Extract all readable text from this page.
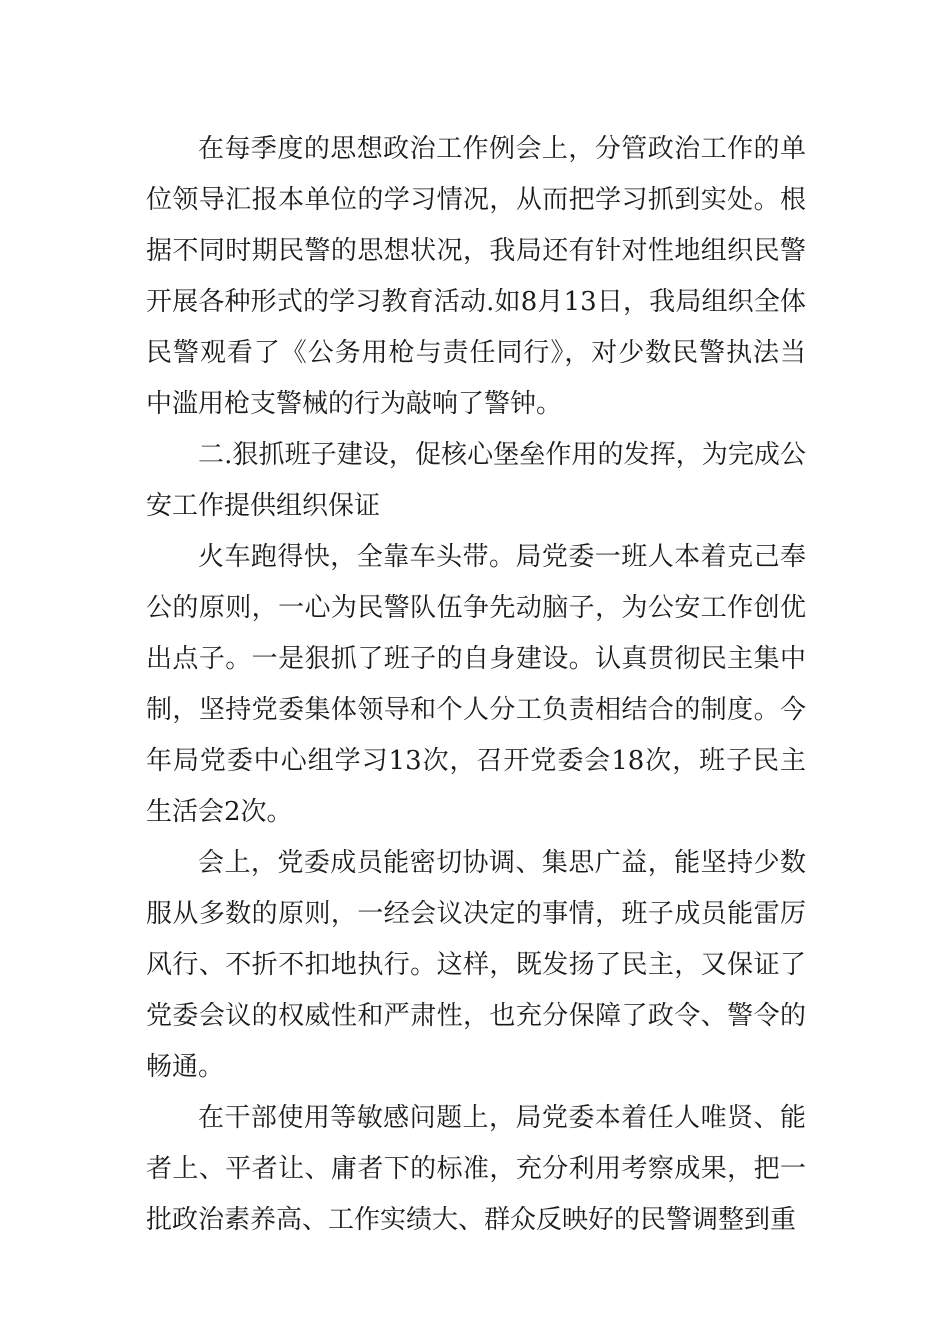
在每季度的思想政治工作例会上，分管政治工作的单位领导汇报本单位的学习情况，从而把学习抓到实处。根据不同时期民警的思想状况，我局还有针对性地组织民警开展各种形式的学习教育活动.如8月13日，我局组织全体民警观看了《公务用枪与责任同行》，对少数民警执法当中滥用枪支警械的行为敲响了警钟。

二.狠抓班子建设，促核心堡垒作用的发挥，为完成公安工作提供组织保证

火车跑得快，全靠车头带。局党委一班人本着克己奉公的原则，一心为民警队伍争先动脑子，为公安工作创优出点子。一是狠抓了班子的自身建设。认真贯彻民主集中制，坚持党委集体领导和个人分工负责相结合的制度。今年局党委中心组学习13次，召开党委会18次，班子民主生活会2次。

会上，党委成员能密切协调、集思广益，能坚持少数服从多数的原则，一经会议决定的事情，班子成员能雷厉风行、不折不扣地执行。这样，既发扬了民主，又保证了党委会议的权威性和严肃性，也充分保障了政令、警令的畅通。

在干部使用等敏感问题上，局党委本着任人唯贤、能者上、平者让、庸者下的标准，充分利用考察成果，把一批政治素养高、工作实绩大、群众反映好的民警调整到重
